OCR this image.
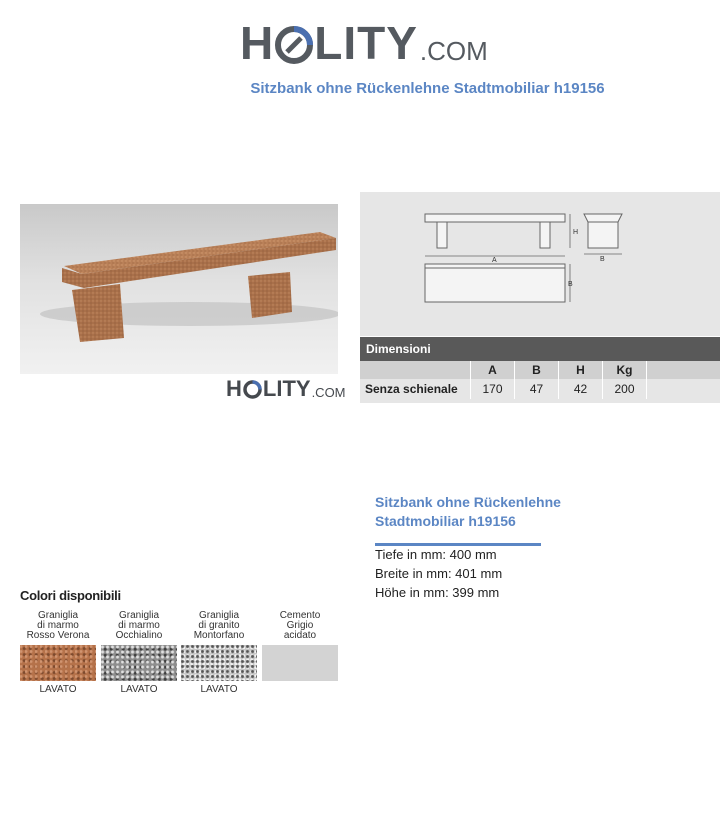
H LITY .COM
Sitzbank ohne Rückenlehne Stadtmobiliar h19156
H LITY .COM
H
B
A
B
Dimensioni
A	B	H	Kg
Senza schienale	170	47	42	200
Colori disponibili
Graniglia
di marmo
Rosso Verona
LAVATO
Graniglia
di marmo
Occhialino
LAVATO
Graniglia
di granito
Montorfano
LAVATO
Cemento
Grigio
acidato
Sitzbank ohne Rückenlehne
Stadtmobiliar h19156
Tiefe in mm: 400 mm
Breite in mm: 401 mm
Höhe in mm: 399 mm
